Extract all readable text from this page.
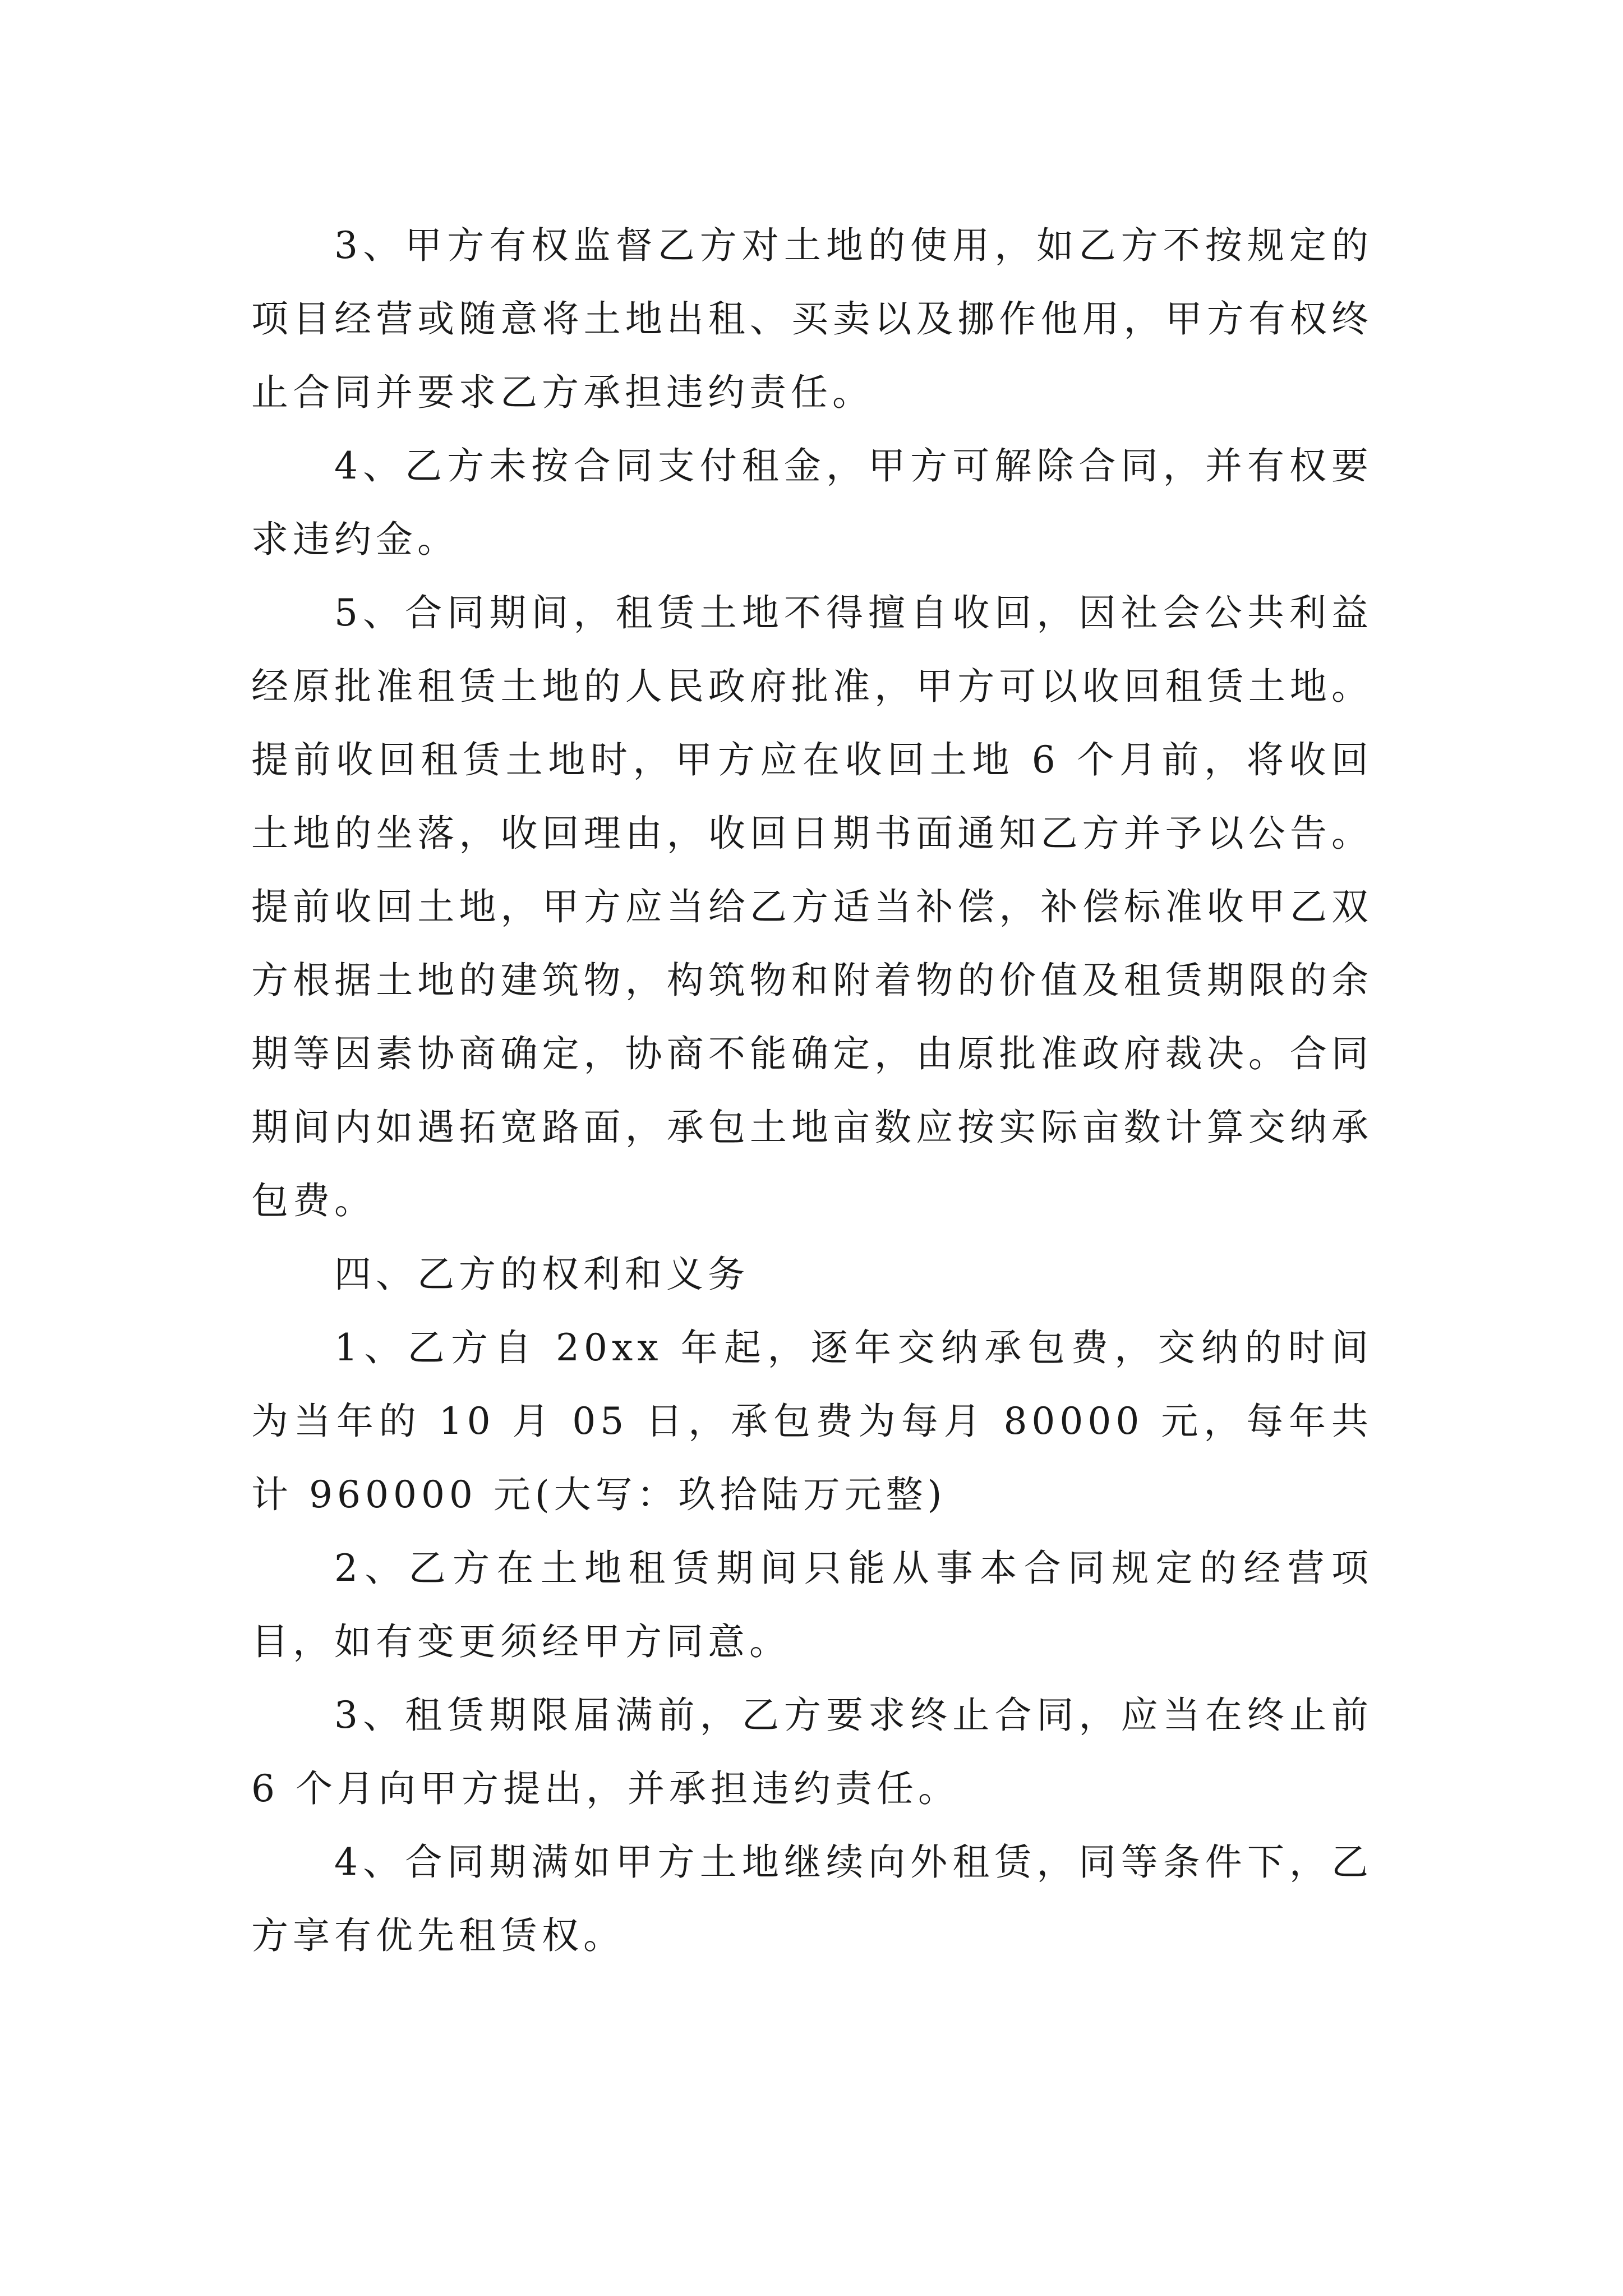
3、甲方有权监督乙方对土地的使用，如乙方不按规定的项目经营或随意将土地出租、买卖以及挪作他用，甲方有权终止合同并要求乙方承担违约责任。

4、乙方未按合同支付租金，甲方可解除合同，并有权要求违约金。

5、合同期间，租赁土地不得擅自收回，因社会公共利益经原批准租赁土地的人民政府批准，甲方可以收回租赁土地。提前收回租赁土地时，甲方应在收回土地 6 个月前，将收回土地的坐落，收回理由，收回日期书面通知乙方并予以公告。提前收回土地，甲方应当给乙方适当补偿，补偿标准收甲乙双方根据土地的建筑物，构筑物和附着物的价值及租赁期限的余期等因素协商确定，协商不能确定，由原批准政府裁决。合同期间内如遇拓宽路面，承包土地亩数应按实际亩数计算交纳承包费。

四、乙方的权利和义务

1、乙方自 20xx 年起，逐年交纳承包费，交纳的时间为当年的 10 月 05 日，承包费为每月 80000 元，每年共计 960000 元(大写：玖拾陆万元整)

2、乙方在土地租赁期间只能从事本合同规定的经营项目，如有变更须经甲方同意。

3、租赁期限届满前，乙方要求终止合同，应当在终止前 6 个月向甲方提出，并承担违约责任。

4、合同期满如甲方土地继续向外租赁，同等条件下，乙方享有优先租赁权。
